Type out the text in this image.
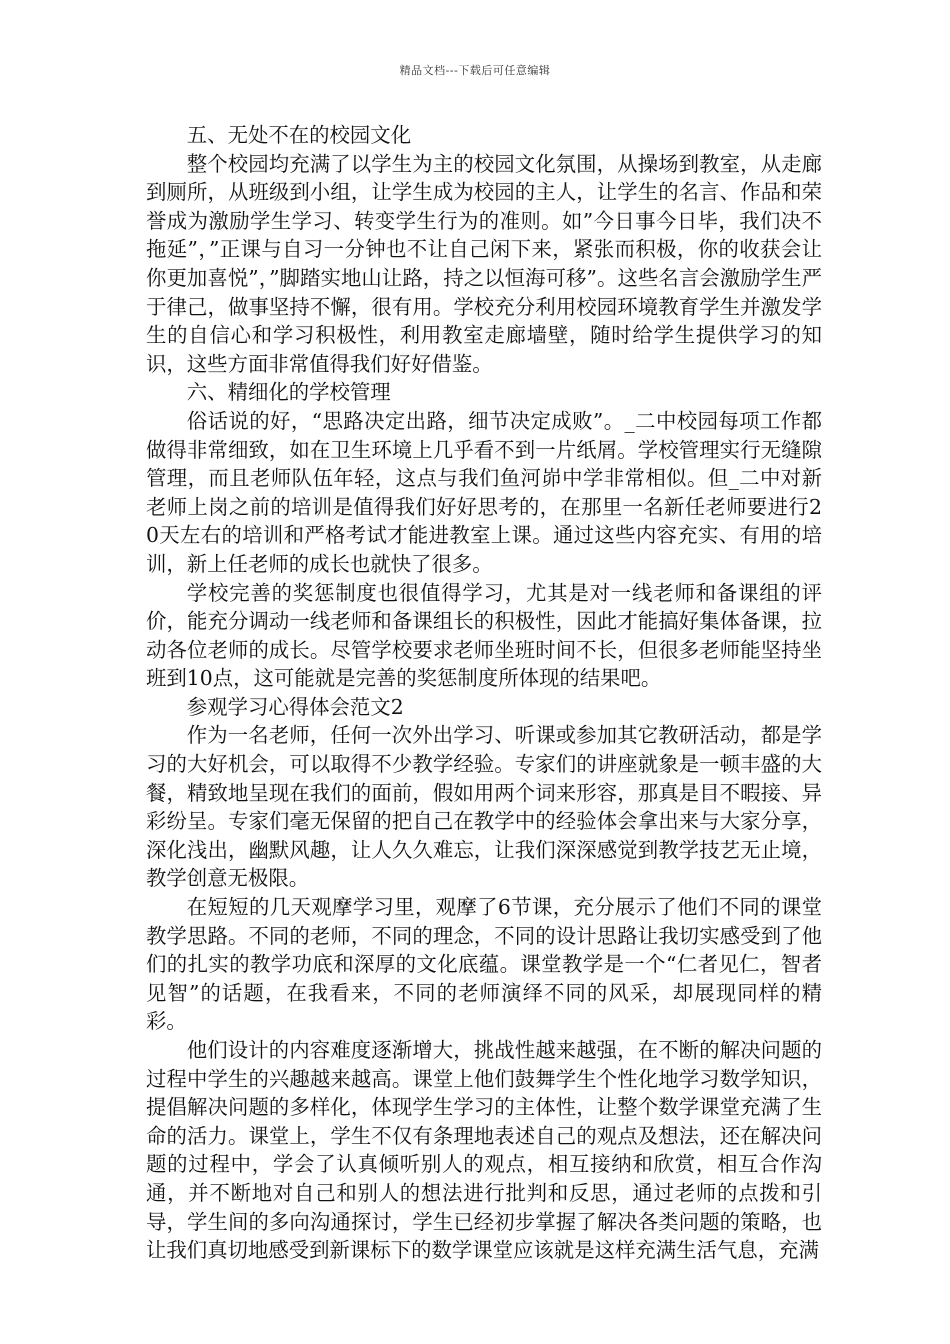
精品文档---下载后可任意编辑

五、无处不在的校园文化

整个校园均充满了以学生为主的校园文化氛围，从操场到教室，从走廊到厕所，从班级到小组，让学生成为校园的主人，让学生的名言、作品和荣誉成为激励学生学习、转变学生行为的准则。如”今日事今日毕，我们决不拖延”，”正课与自习一分钟也不让自己闲下来，紧张而积极，你的收获会让你更加喜悦”，”脚踏实地山让路，持之以恒海可移”。这些名言会激励学生严于律己，做事坚持不懈，很有用。学校充分利用校园环境教育学生并激发学生的自信心和学习积极性，利用教室走廊墙壁，随时给学生提供学习的知识，这些方面非常值得我们好好借鉴。

六、精细化的学校管理

俗话说的好，“思路决定出路，细节决定成败”。_二中校园每项工作都做得非常细致，如在卫生环境上几乎看不到一片纸屑。学校管理实行无缝隙管理，而且老师队伍年轻，这点与我们鱼河峁中学非常相似。但_二中对新老师上岗之前的培训是值得我们好好思考的，在那里一名新任老师要进行20天左右的培训和严格考试才能进教室上课。通过这些内容充实、有用的培训，新上任老师的成长也就快了很多。

学校完善的奖惩制度也很值得学习，尤其是对一线老师和备课组的评价，能充分调动一线老师和备课组长的积极性，因此才能搞好集体备课，拉动各位老师的成长。尽管学校要求老师坐班时间不长，但很多老师能坚持坐班到10点，这可能就是完善的奖惩制度所体现的结果吧。

参观学习心得体会范文2

作为一名老师，任何一次外出学习、听课或参加其它教研活动，都是学习的大好机会，可以取得不少教学经验。专家们的讲座就象是一顿丰盛的大餐，精致地呈现在我们的面前，假如用两个词来形容，那真是目不暇接、异彩纷呈。专家们毫无保留的把自己在教学中的经验体会拿出来与大家分享，深化浅出，幽默风趣，让人久久难忘，让我们深深感觉到教学技艺无止境，教学创意无极限。

在短短的几天观摩学习里，观摩了6节课，充分展示了他们不同的课堂教学思路。不同的老师，不同的理念，不同的设计思路让我切实感受到了他们的扎实的教学功底和深厚的文化底蕴。课堂教学是一个“仁者见仁，智者见智”的话题，在我看来，不同的老师演绎不同的风采，却展现同样的精彩。

他们设计的内容难度逐渐增大，挑战性越来越强，在不断的解决问题的过程中学生的兴趣越来越高。课堂上他们鼓舞学生个性化地学习数学知识，提倡解决问题的多样化，体现学生学习的主体性，让整个数学课堂充满了生命的活力。课堂上，学生不仅有条理地表述自己的观点及想法，还在解决问题的过程中，学会了认真倾听别人的观点，相互接纳和欣赏，相互合作沟通，并不断地对自己和别人的想法进行批判和反思，通过老师的点拨和引导，学生间的多向沟通探讨，学生已经初步掌握了解决各类问题的策略，也让我们真切地感受到新课标下的数学课堂应该就是这样充满生活气息，充满
